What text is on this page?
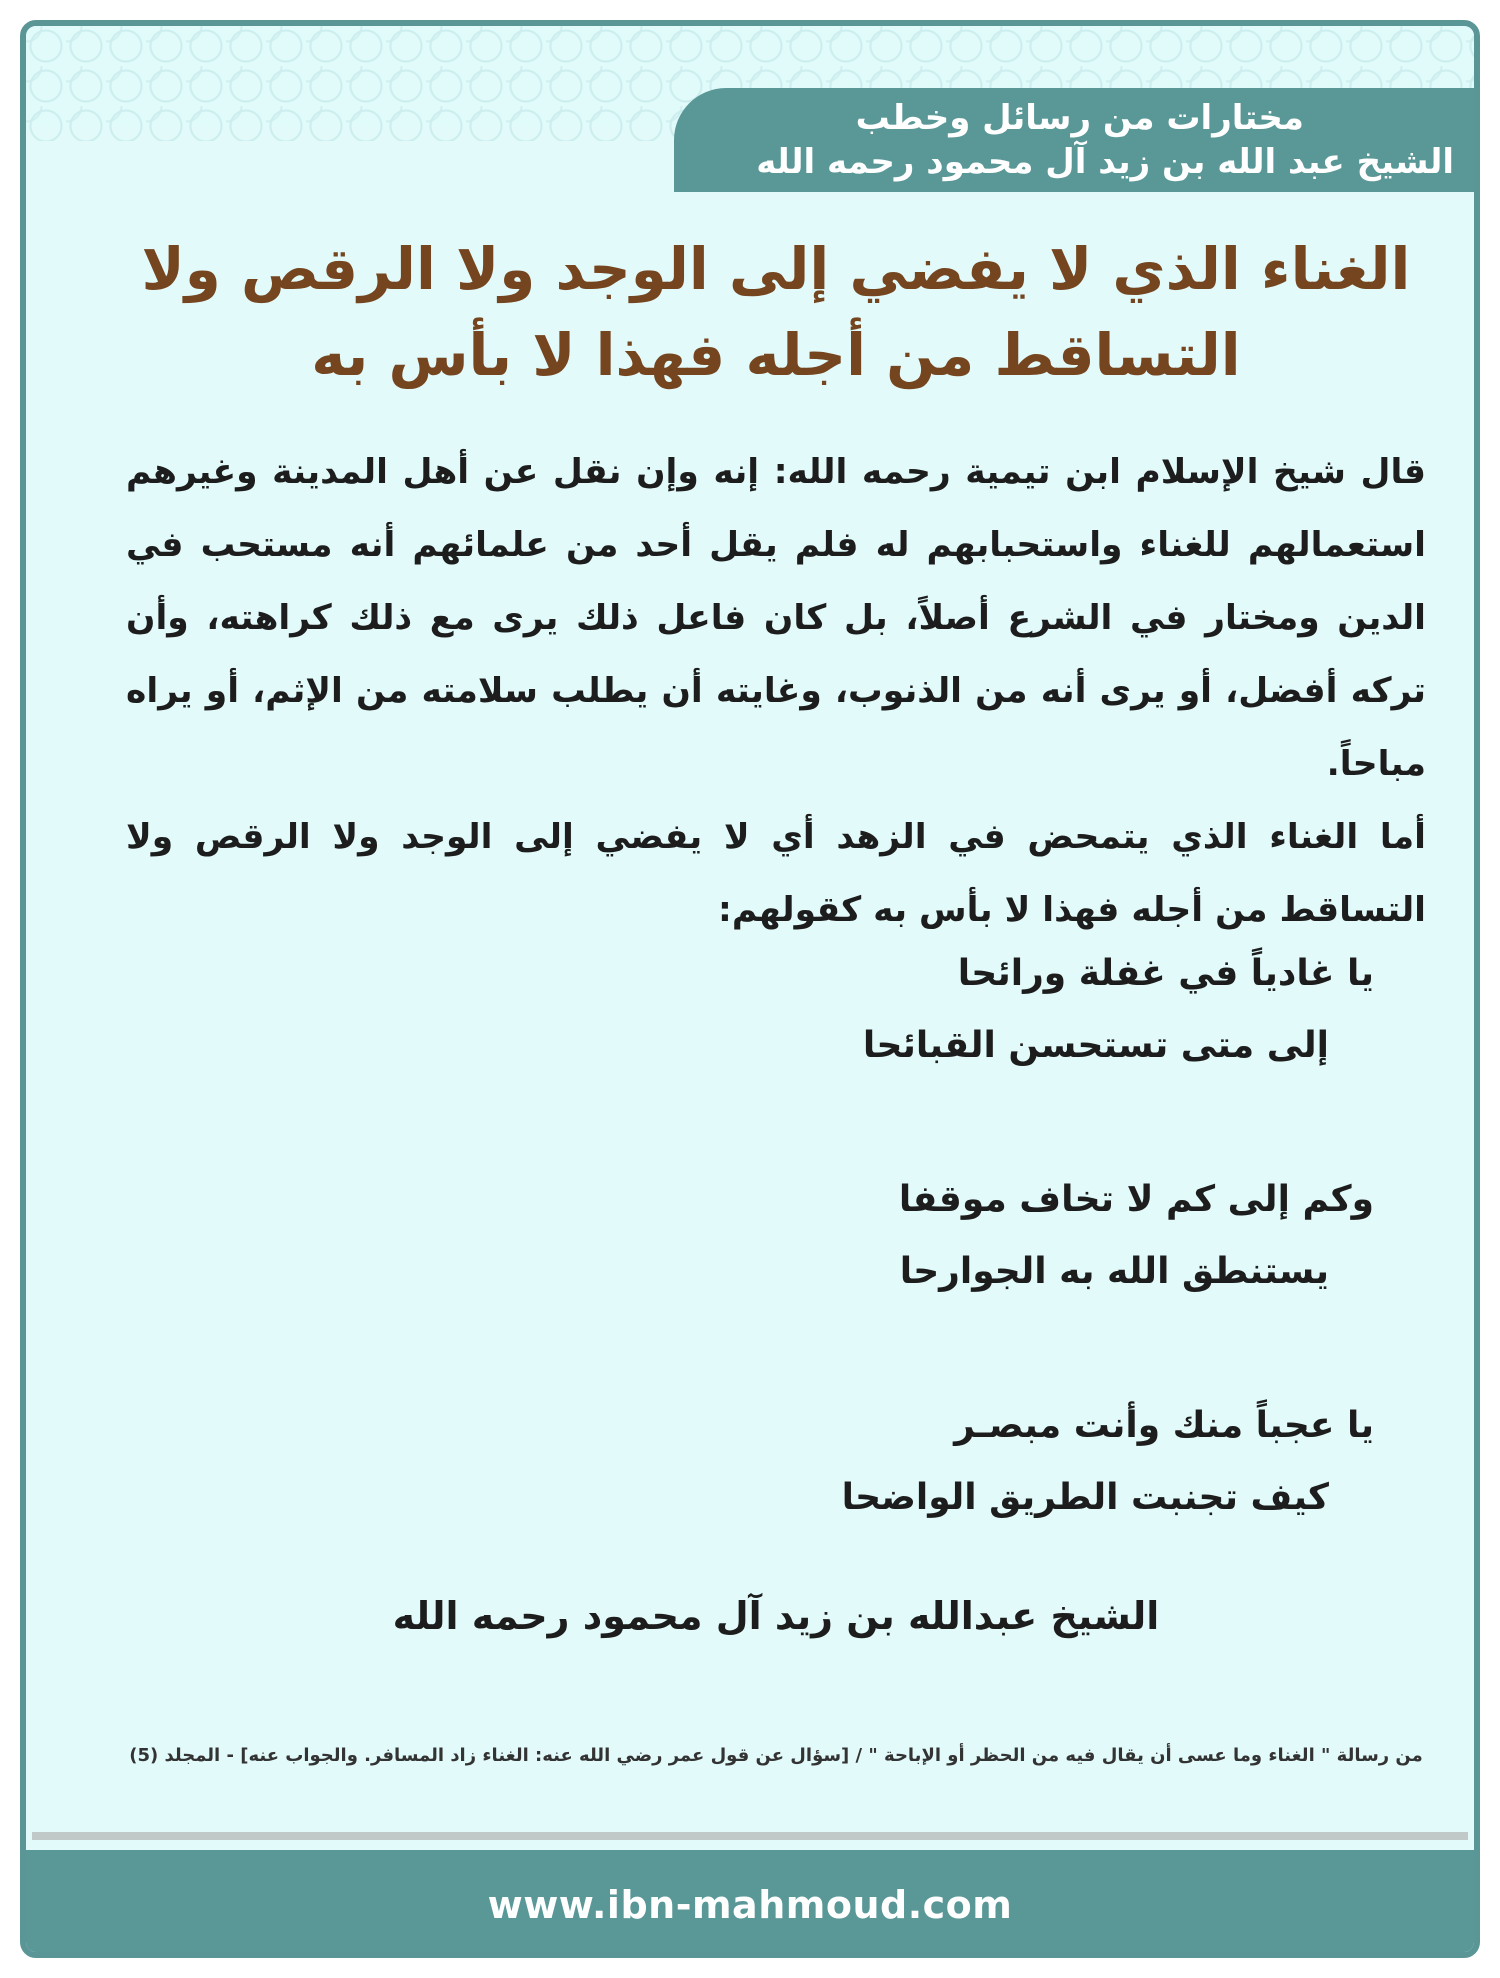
مختارات من رسائل وخطب
الشيخ عبد الله بن زيد آل محمود رحمه الله
الغناء الذي لا يفضي إلى الوجد ولا الرقص ولا
التساقط من أجله فهذا لا بأس به

قال شيخ الإسلام ابن تيمية رحمه الله: إنه وإن نقل عن أهل المدينة وغيرهم استعمالهم للغناء واستحبابهم له فلم يقل أحد من علمائهم أنه مستحب في الدين ومختار في الشرع أصلاً، بل كان فاعل ذلك يرى مع ذلك كراهته، وأن تركه أفضل، أو يرى أنه من الذنوب، وغايته أن يطلب سلامته من الإثم، أو يراه مباحاً.

أما الغناء الذي يتمحض في الزهد أي لا يفضي إلى الوجد ولا الرقص ولا التساقط من أجله فهذا لا بأس به كقولهم:

يا غادياً في غفلة ورائحا
إلى متى تستحسن القبائحا
وكم إلى كم لا تخاف موقفا
يستنطق الله به الجوارحا
يا عجباً منك وأنت مبصـر
كيف تجنبت الطريق الواضحا
الشيخ عبدالله بن زيد آل محمود رحمه الله
من رسالة " الغناء وما عسى أن يقال فيه من الحظر أو الإباحة " / [سؤال عن قول عمر رضي الله عنه: الغناء زاد المسافر. والجواب عنه] - المجلد (5)
www.ibn-mahmoud.com
